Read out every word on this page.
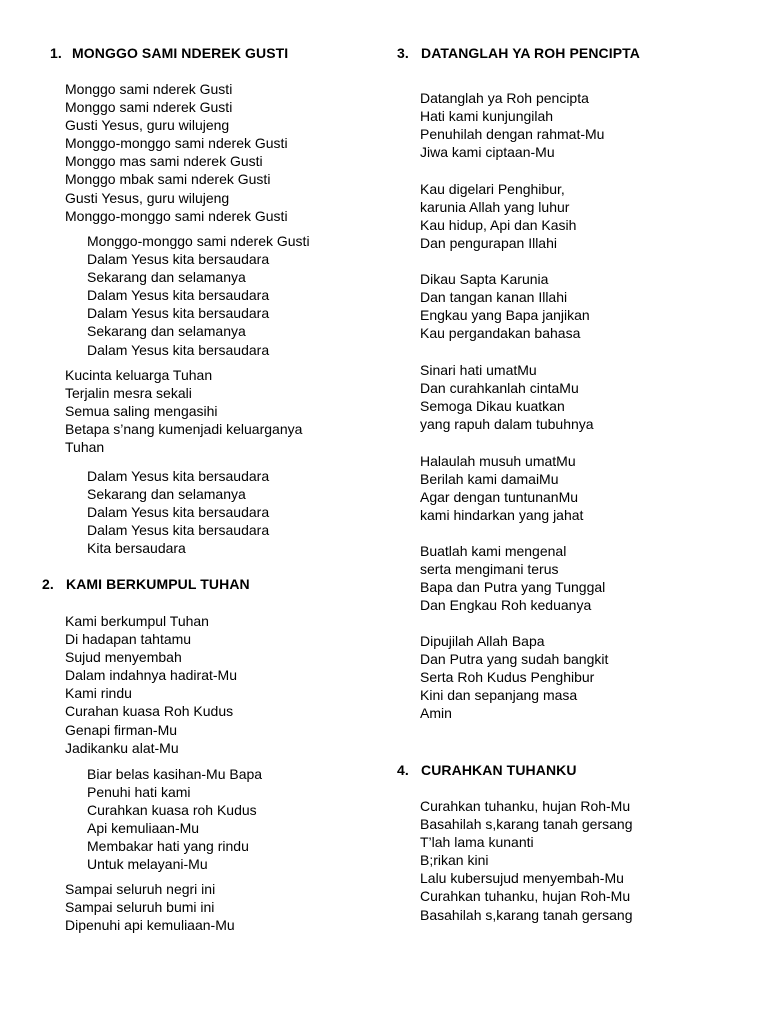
1. MONGGO SAMI NDEREK GUSTI
Monggo sami nderek Gusti
Monggo sami nderek Gusti
Gusti Yesus, guru wilujeng
Monggo-monggo sami nderek Gusti
Monggo mas sami nderek Gusti
Monggo mbak sami nderek Gusti
Gusti Yesus, guru wilujeng
Monggo-monggo sami nderek Gusti
Monggo-monggo sami nderek Gusti
Dalam Yesus kita bersaudara
Sekarang dan selamanya
Dalam Yesus kita bersaudara
Dalam Yesus kita bersaudara
Sekarang dan selamanya
Dalam Yesus kita bersaudara
Kucinta keluarga Tuhan
Terjalin mesra sekali
Semua saling mengasihi
Betapa s’nang kumenjadi keluarganya
Tuhan
Dalam Yesus kita bersaudara
Sekarang dan selamanya
Dalam Yesus kita bersaudara
Dalam Yesus kita bersaudara
Kita bersaudara
2. KAMI BERKUMPUL TUHAN
Kami berkumpul Tuhan
Di hadapan tahtamu
Sujud menyembah
Dalam indahnya hadirat-Mu
Kami rindu
Curahan kuasa Roh Kudus
Genapi firman-Mu
Jadikanku alat-Mu
Biar belas kasihan-Mu Bapa
Penuhi hati kami
Curahkan kuasa roh Kudus
Api kemuliaan-Mu
Membakar hati yang rindu
Untuk melayani-Mu
Sampai seluruh negri ini
Sampai seluruh bumi ini
Dipenuhi api kemuliaan-Mu
3. DATANGLAH YA ROH PENCIPTA
Datanglah ya Roh pencipta
Hati kami kunjungilah
Penuhilah dengan rahmat-Mu
Jiwa kami ciptaan-Mu
Kau digelari Penghibur,
karunia Allah yang luhur
Kau hidup, Api dan Kasih
Dan pengurapan Illahi
Dikau Sapta Karunia
Dan tangan kanan Illahi
Engkau yang Bapa janjikan
Kau pergandakan bahasa
Sinari hati umatMu
Dan curahkanlah cintaMu
Semoga Dikau kuatkan
yang rapuh dalam tubuhnya
Halaulah musuh umatMu
Berilah kami damaiMu
Agar dengan tuntunanMu
kami hindarkan yang jahat
Buatlah kami mengenal
serta mengimani terus
Bapa dan Putra yang Tunggal
Dan Engkau Roh keduanya
Dipujilah Allah Bapa
Dan Putra yang sudah bangkit
Serta Roh Kudus Penghibur
Kini dan sepanjang masa
Amin
4. CURAHKAN TUHANKU
Curahkan tuhanku, hujan Roh-Mu
Basahilah s,karang tanah gersang
T’lah lama kunanti
B;rikan kini
Lalu kubersujud menyembah-Mu
Curahkan tuhanku, hujan Roh-Mu
Basahilah s,karang tanah gersang
